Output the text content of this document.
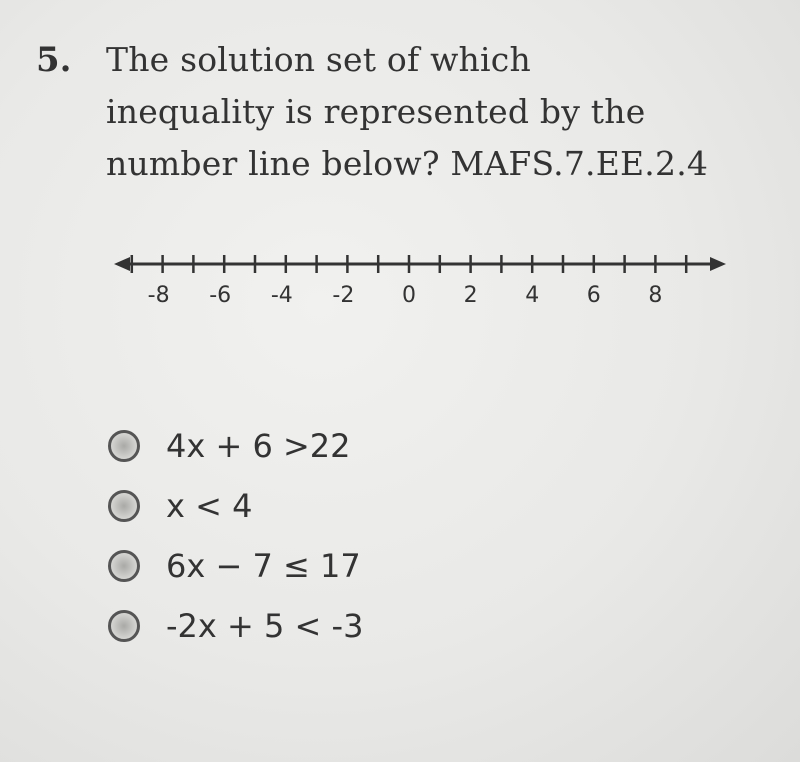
5. The solution set of which
inequality is represented by the
number line below? MAFS.7.EE.2.4
-8 -6 -4 -2 0 2 4 6 8
4x + 6 >22
x < 4
6x − 7 ≤ 17
-2x + 5 < -3
